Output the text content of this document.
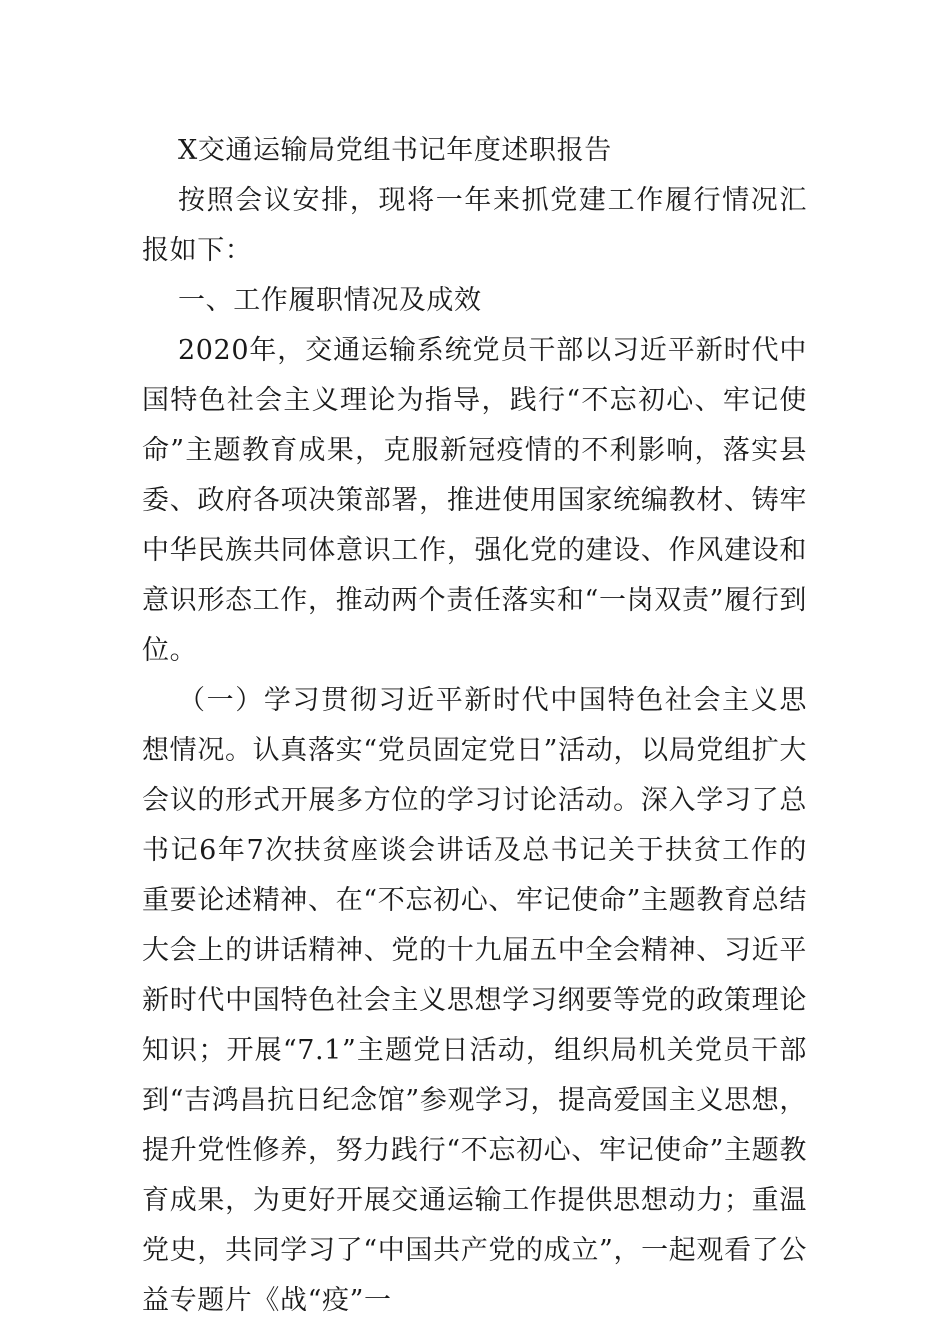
X交通运输局党组书记年度述职报告

按照会议安排，现将一年来抓党建工作履行情况汇报如下：

一、工作履职情况及成效

2020年，交通运输系统党员干部以习近平新时代中国特色社会主义理论为指导，践行“不忘初心、牢记使命”主题教育成果，克服新冠疫情的不利影响，落实县委、政府各项决策部署，推进使用国家统编教材、铸牢中华民族共同体意识工作，强化党的建设、作风建设和意识形态工作，推动两个责任落实和“一岗双责”履行到位。

（一）学习贯彻习近平新时代中国特色社会主义思想情况。认真落实“党员固定党日”活动，以局党组扩大会议的形式开展多方位的学习讨论活动。深入学习了总书记6年7次扶贫座谈会讲话及总书记关于扶贫工作的重要论述精神、在“不忘初心、牢记使命”主题教育总结大会上的讲话精神、党的十九届五中全会精神、习近平新时代中国特色社会主义思想学习纲要等党的政策理论知识；开展“7.1”主题党日活动，组织局机关党员干部到“吉鸿昌抗日纪念馆”参观学习，提高爱国主义思想，提升党性修养，努力践行“不忘初心、牢记使命”主题教育成果，为更好开展交通运输工作提供思想动力；重温党史，共同学习了“中国共产党的成立”，一起观看了公益专题片《战“疫”一
